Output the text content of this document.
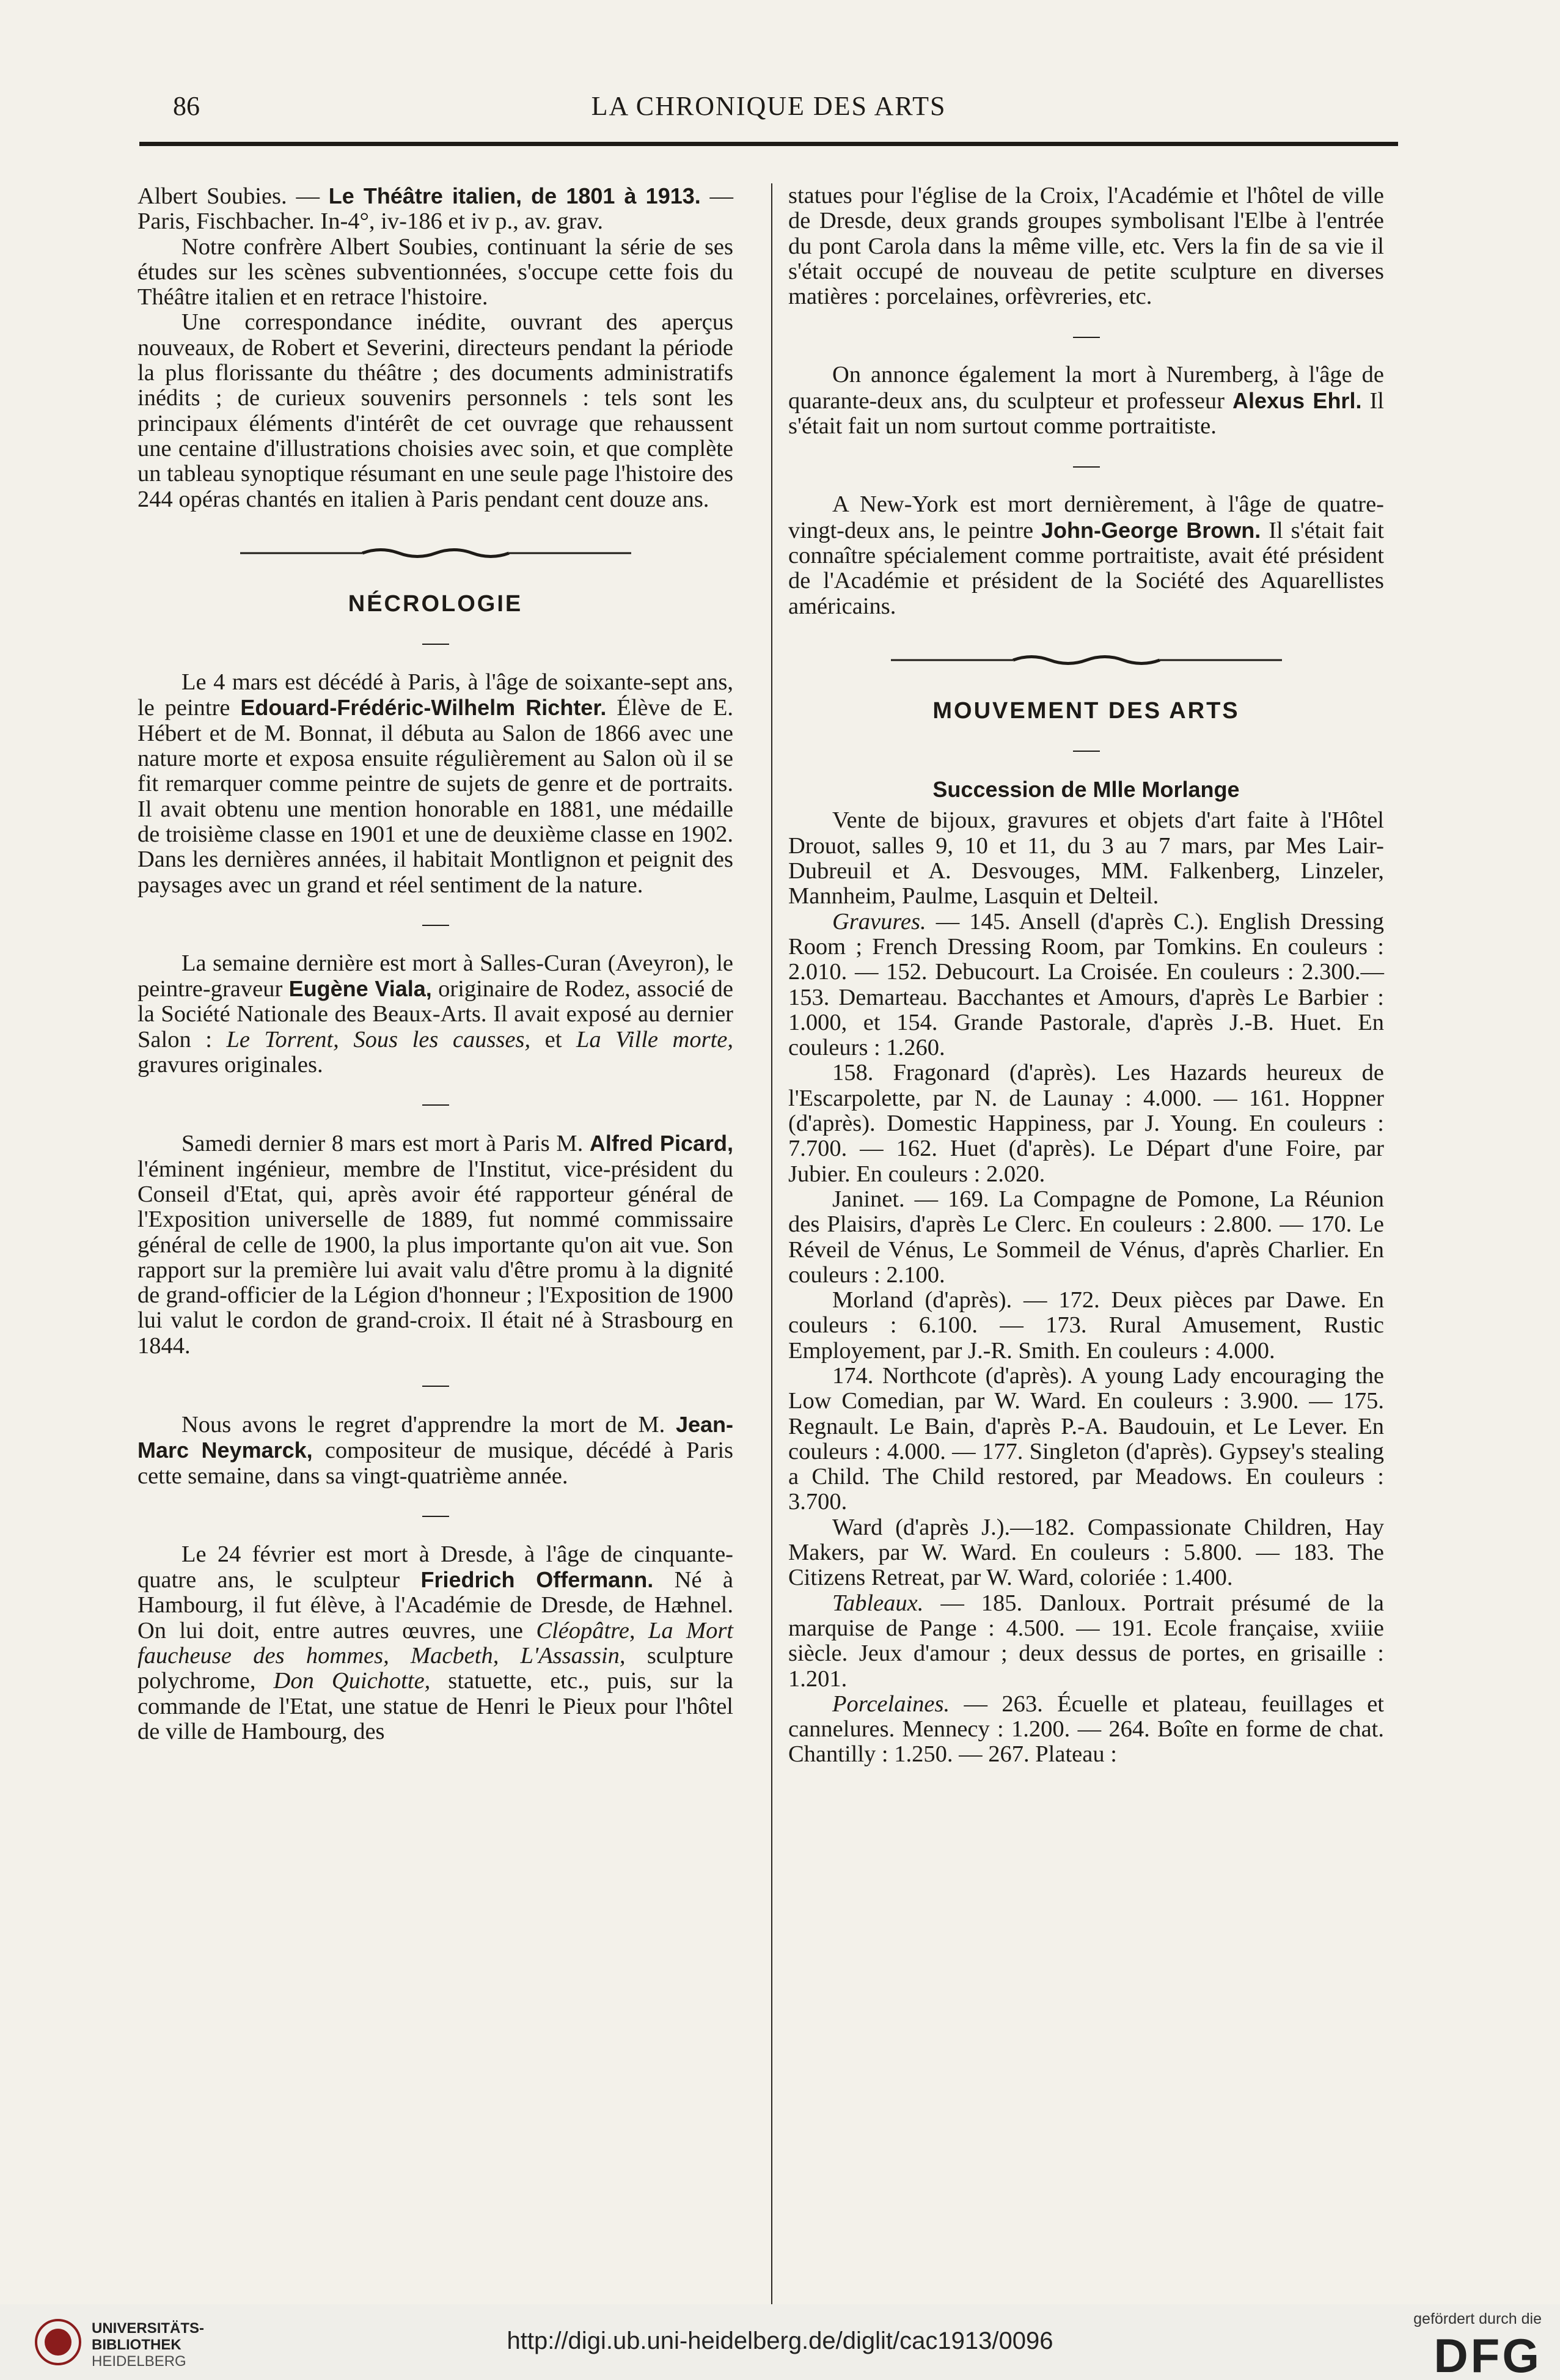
86	LA CHRONIQUE DES ARTS

Albert Soubies. — Le Théâtre italien, de 1801 à 1913. — Paris, Fischbacher. In-4°, iv-186 et iv p., av. grav.

Notre confrère Albert Soubies, continuant la série de ses études sur les scènes subventionnées, s'occupe cette fois du Théâtre italien et en retrace l'histoire.

Une correspondance inédite, ouvrant des aperçus nouveaux, de Robert et Severini, directeurs pendant la période la plus florissante du théâtre ; des documents administratifs inédits ; de curieux souvenirs personnels : tels sont les principaux éléments d'intérêt de cet ouvrage que rehaussent une centaine d'illustrations choisies avec soin, et que complète un tableau synoptique résumant en une seule page l'histoire des 244 opéras chantés en italien à Paris pendant cent douze ans.

NÉCROLOGIE

Le 4 mars est décédé à Paris, à l'âge de soixante-sept ans, le peintre Edouard-Frédéric-Wilhelm Richter. Élève de E. Hébert et de M. Bonnat, il débuta au Salon de 1866 avec une nature morte et exposa ensuite régulièrement au Salon où il se fit remarquer comme peintre de sujets de genre et de portraits. Il avait obtenu une mention honorable en 1881, une médaille de troisième classe en 1901 et une de deuxième classe en 1902. Dans les dernières années, il habitait Montlignon et peignit des paysages avec un grand et réel sentiment de la nature.

La semaine dernière est mort à Salles-Curan (Aveyron), le peintre-graveur Eugène Viala, originaire de Rodez, associé de la Société Nationale des Beaux-Arts. Il avait exposé au dernier Salon : Le Torrent, Sous les causses, et La Ville morte, gravures originales.

Samedi dernier 8 mars est mort à Paris M. Alfred Picard, l'éminent ingénieur, membre de l'Institut, vice-président du Conseil d'Etat, qui, après avoir été rapporteur général de l'Exposition universelle de 1889, fut nommé commissaire général de celle de 1900, la plus importante qu'on ait vue. Son rapport sur la première lui avait valu d'être promu à la dignité de grand-officier de la Légion d'honneur ; l'Exposition de 1900 lui valut le cordon de grand-croix. Il était né à Strasbourg en 1844.

Nous avons le regret d'apprendre la mort de M. Jean-Marc Neymarck, compositeur de musique, décédé à Paris cette semaine, dans sa vingt-quatrième année.

Le 24 février est mort à Dresde, à l'âge de cinquante-quatre ans, le sculpteur Friedrich Offermann. Né à Hambourg, il fut élève, à l'Académie de Dresde, de Hæhnel. On lui doit, entre autres œuvres, une Cléopâtre, La Mort faucheuse des hommes, Macbeth, L'Assassin, sculpture polychrome, Don Quichotte, statuette, etc., puis, sur la commande de l'Etat, une statue de Henri le Pieux pour l'hôtel de ville de Hambourg, des

statues pour l'église de la Croix, l'Académie et l'hôtel de ville de Dresde, deux grands groupes symbolisant l'Elbe à l'entrée du pont Carola dans la même ville, etc. Vers la fin de sa vie il s'était occupé de nouveau de petite sculpture en diverses matières : porcelaines, orfèvreries, etc.

On annonce également la mort à Nuremberg, à l'âge de quarante-deux ans, du sculpteur et professeur Alexus Ehrl. Il s'était fait un nom surtout comme portraitiste.

A New-York est mort dernièrement, à l'âge de quatre-vingt-deux ans, le peintre John-George Brown. Il s'était fait connaître spécialement comme portraitiste, avait été président de l'Académie et président de la Société des Aquarellistes américains.

MOUVEMENT DES ARTS
Succession de Mlle Morlange

Vente de bijoux, gravures et objets d'art faite à l'Hôtel Drouot, salles 9, 10 et 11, du 3 au 7 mars, par Mes Lair-Dubreuil et A. Desvouges, MM. Falkenberg, Linzeler, Mannheim, Paulme, Lasquin et Delteil.

Gravures. — 145. Ansell (d'après C.). English Dressing Room ; French Dressing Room, par Tomkins. En couleurs : 2.010. — 152. Debucourt. La Croisée. En couleurs : 2.300.— 153. Demarteau. Bacchantes et Amours, d'après Le Barbier : 1.000, et 154. Grande Pastorale, d'après J.-B. Huet. En couleurs : 1.260.

158. Fragonard (d'après). Les Hazards heureux de l'Escarpolette, par N. de Launay : 4.000. — 161. Hoppner (d'après). Domestic Happiness, par J. Young. En couleurs : 7.700. — 162. Huet (d'après). Le Départ d'une Foire, par Jubier. En couleurs : 2.020.

Janinet. — 169. La Compagne de Pomone, La Réunion des Plaisirs, d'après Le Clerc. En couleurs : 2.800. — 170. Le Réveil de Vénus, Le Sommeil de Vénus, d'après Charlier. En couleurs : 2.100.

Morland (d'après). — 172. Deux pièces par Dawe. En couleurs : 6.100. — 173. Rural Amusement, Rustic Employement, par J.-R. Smith. En couleurs : 4.000.

174. Northcote (d'après). A young Lady encouraging the Low Comedian, par W. Ward. En couleurs : 3.900. — 175. Regnault. Le Bain, d'après P.-A. Baudouin, et Le Lever. En couleurs : 4.000. — 177. Singleton (d'après). Gypsey's stealing a Child. The Child restored, par Meadows. En couleurs : 3.700.

Ward (d'après J.).—182. Compassionate Children, Hay Makers, par W. Ward. En couleurs : 5.800. — 183. The Citizens Retreat, par W. Ward, coloriée : 1.400.

Tableaux. — 185. Danloux. Portrait présumé de la marquise de Pange : 4.500. — 191. Ecole française, xviiie siècle. Jeux d'amour ; deux dessus de portes, en grisaille : 1.201.

Porcelaines. — 263. Écuelle et plateau, feuillages et cannelures. Mennecy : 1.200. — 264. Boîte en forme de chat. Chantilly : 1.250. — 267. Plateau :

UNIVERSITÄTS-
BIBLIOTHEK
HEIDELBERG
http://digi.ub.uni-heidelberg.de/diglit/cac1913/0096
gefördert durch die
DFG
